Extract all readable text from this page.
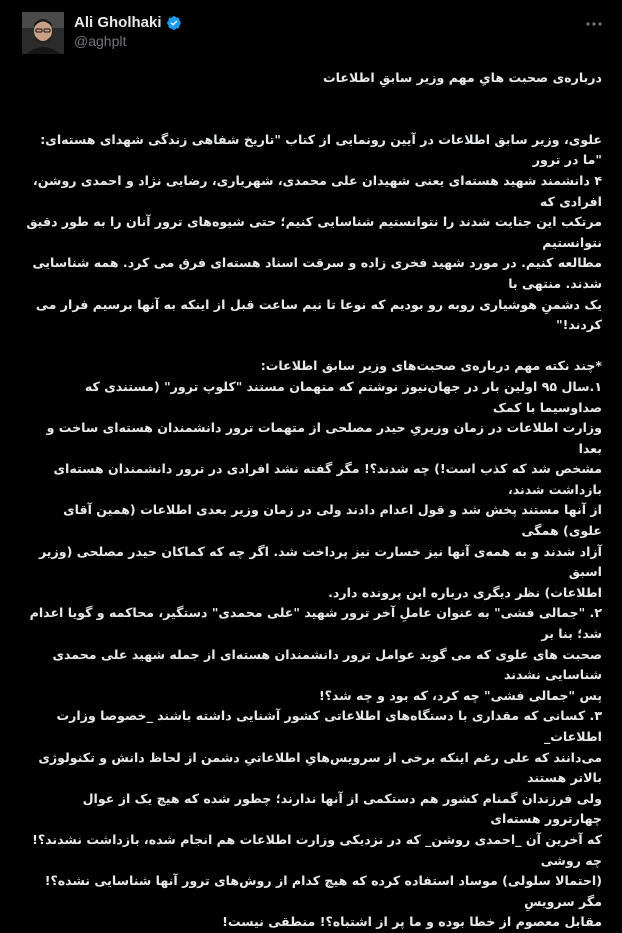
Ali Gholhaki
@aghplt

درباره‌ی صحبت هایِ مهم وزیر سابقِ اطلاعات

علوی، وزیر سابق اطلاعات در آیین رونمایی از کتاب "تاریخ شفاهی زندگی شهدای هسته‌ای: "ما در ترور
۴ دانشمند شهید هسته‌ای یعنی شهیدان علی محمدی، شهریاری، رضایی نژاد و احمدی روشن، افرادی که
مرتکب این جنایت شدند را نتوانستیم شناسایی کنیم؛ حتی شیوه‌های ترور آنان را به طور دقیق نتوانستیم
مطالعه کنیم. در مورد شهید فخری زاده و سرقت اسناد هسته‌ای فرق می کرد. همه شناسایی شدند. منتهی با
یک دشمنِ هوشیاری روبه رو بودیم که نوعا تا نیم ساعت قبل از اینکه به آنها برسیم فرار می کردند!"

*چند نکته مهم درباره‌ی صحبت‌های وزیر سابق اطلاعات:
۱.سال ۹۵ اولین بار در جهان‌نیوز نوشتم که متهمان مستند "کلوپ ترور" (مستندی که صداوسیما با کمک
وزارت اطلاعات در زمان وزیریِ حیدر مصلحی از متهمات ترور دانشمندان هسته‌ای ساخت و بعدا
مشخص شد که کذب است!) چه شدند؟! مگر گفته نشد افرادی در ترور دانشمندان هسته‌ای بازداشت شدند،
از آنها مستند پخش شد و قول اعدام دادند ولی در زمان وزیر بعدی اطلاعات (همین آقای علوی) همگی
آزاد شدند و به همه‌ی آنها نیز خسارت نیز پرداخت شد. اگر چه که کماکان حیدر مصلحی (وزیر اسبق
اطلاعات) نظر دیگری درباره این پرونده دارد.
۲. "جمالی فشی" به عنوان عاملِ آخر ترور شهید "علی محمدی" دستگیر، محاکمه و گویا اعدام شد؛ بنا بر
صحبت های علوی که می گوید عوامل ترور دانشمندان هسته‌ای از جمله شهید علی محمدی شناسایی نشدند
پس "جمالی فشی" چه کرد، که بود و چه شد؟!
۳. کسانی که مقداری با دستگاه‌های اطلاعاتی کشور آشنایی داشته باشند _خصوصا وزارت اطلاعات_
می‌دانند که علی رغم اینکه برخی از سرویس‌هایِ اطلاعاتیِ دشمن از لحاظ دانش و تکنولوژی بالاتر هستند
ولی فرزندان گمنام کشور هم دستکمی از آنها ندارند؛ چطور شده که هیچ یک از عوال چهارترور هسته‌ای
که آخرین آن _احمدی روشن_ که در نزدیکی وزارت اطلاعات هم انجام شده، بازداشت نشدند؟! چه روشی
(احتمالا سلولی) موساد استفاده کرده که هیچ کدام از روش‌های ترور آنها شناسایی نشده؟! مگر سرویسِ
مقابل معصوم از خطا بوده و ما پر از اشتباه؟! منطقی نیست!
